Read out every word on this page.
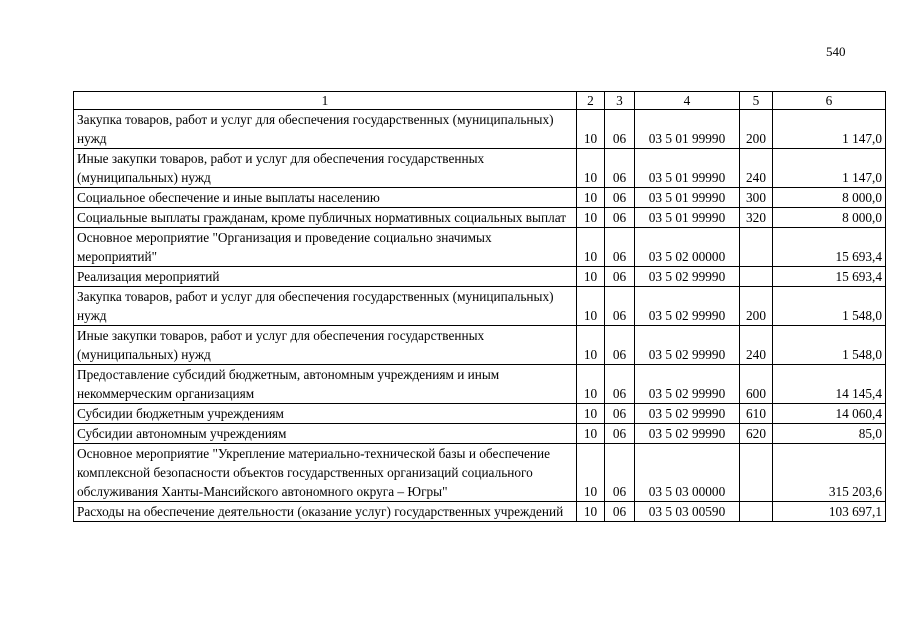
540
1	2	3	4	5	6
Закупка товаров, работ и услуг для обеспечения государственных (муниципальных) нужд	10	06	03 5 01 99990	200	1 147,0
Иные закупки товаров, работ и услуг для обеспечения государственных (муниципальных) нужд	10	06	03 5 01 99990	240	1 147,0
Социальное обеспечение и иные выплаты населению	10	06	03 5 01 99990	300	8 000,0
Социальные выплаты гражданам, кроме публичных нормативных социальных выплат	10	06	03 5 01 99990	320	8 000,0
Основное мероприятие "Организация и проведение социально значимых мероприятий"	10	06	03 5 02 00000		15 693,4
Реализация мероприятий	10	06	03 5 02 99990		15 693,4
Закупка товаров, работ и услуг для обеспечения государственных (муниципальных) нужд	10	06	03 5 02 99990	200	1 548,0
Иные закупки товаров, работ и услуг для обеспечения государственных (муниципальных) нужд	10	06	03 5 02 99990	240	1 548,0
Предоставление субсидий бюджетным, автономным учреждениям и иным некоммерческим организациям	10	06	03 5 02 99990	600	14 145,4
Субсидии бюджетным учреждениям	10	06	03 5 02 99990	610	14 060,4
Субсидии автономным учреждениям	10	06	03 5 02 99990	620	85,0
Основное мероприятие "Укрепление материально-технической базы и обеспечение комплексной безопасности объектов государственных организаций социального обслуживания Ханты-Мансийского автономного округа – Югры"	10	06	03 5 03 00000		315 203,6
Расходы на обеспечение деятельности (оказание услуг) государственных учреждений	10	06	03 5 03 00590		103 697,1
